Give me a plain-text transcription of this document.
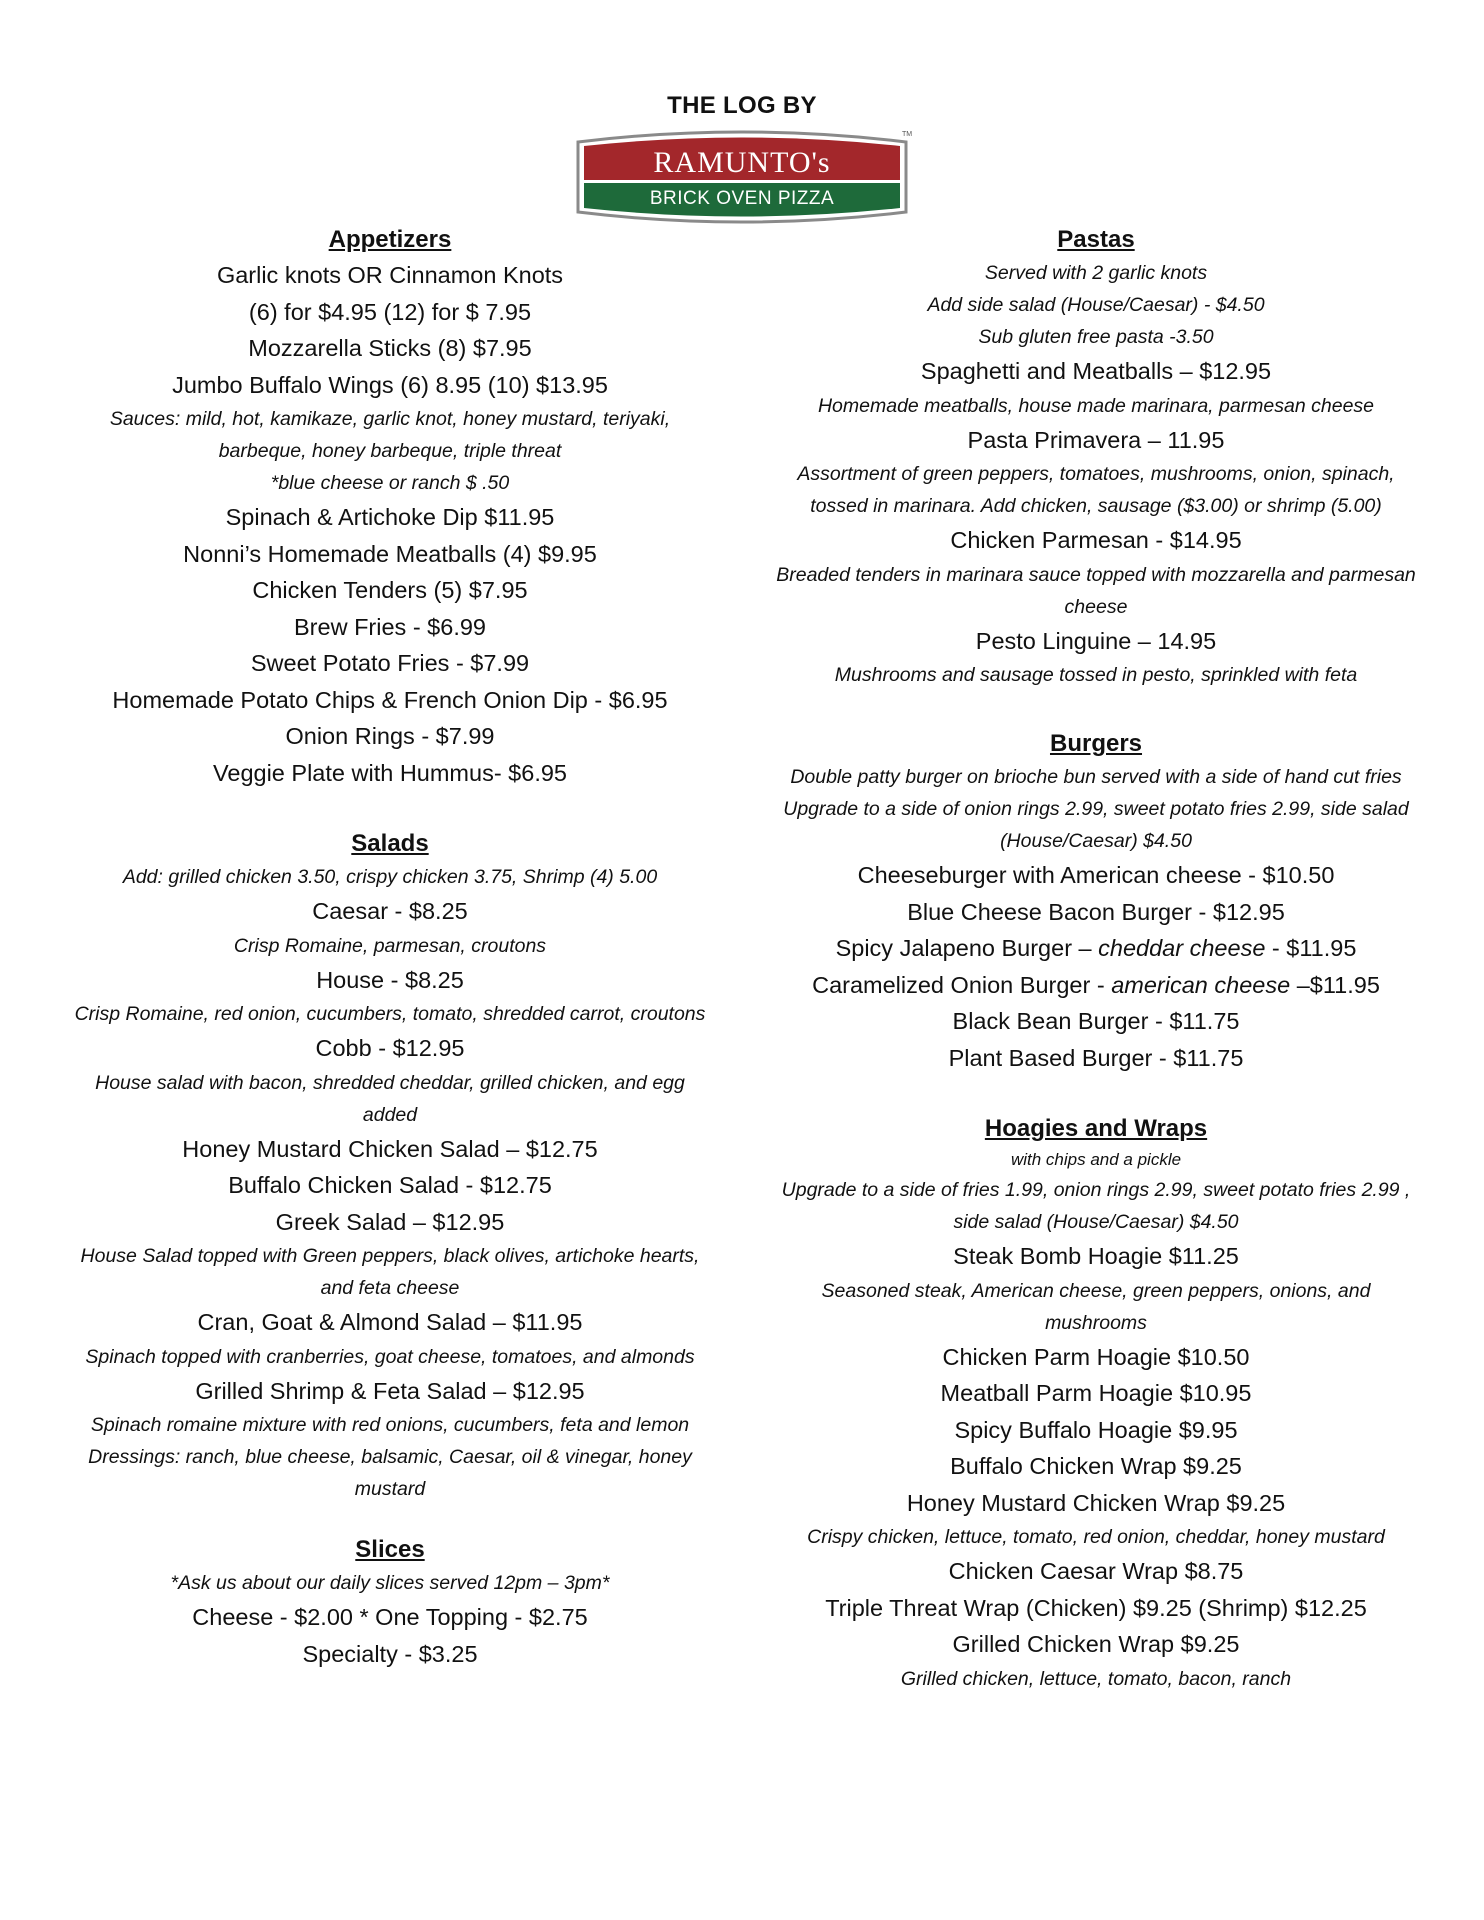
THE LOG BY
RAMUNTO's
BRICK OVEN PIZZA
TM
Appetizers
Garlic knots OR Cinnamon Knots
(6) for $4.95 (12) for $ 7.95
Mozzarella Sticks (8) $7.95
Jumbo Buffalo Wings (6) 8.95 (10) $13.95
Sauces: mild, hot, kamikaze, garlic knot, honey mustard, teriyaki, barbeque, honey barbeque, triple threat
*blue cheese or ranch $ .50
Spinach & Artichoke Dip $11.95
Nonni’s Homemade Meatballs (4) $9.95
Chicken Tenders (5) $7.95
Brew Fries - $6.99
Sweet Potato Fries - $7.99
Homemade Potato Chips & French Onion Dip - $6.95
Onion Rings - $7.99
Veggie Plate with Hummus- $6.95
Salads
Add: grilled chicken 3.50, crispy chicken 3.75, Shrimp (4) 5.00
Caesar - $8.25
Crisp Romaine, parmesan, croutons
House - $8.25
Crisp Romaine, red onion, cucumbers, tomato, shredded carrot, croutons
Cobb - $12.95
House salad with bacon, shredded cheddar, grilled chicken, and egg added
Honey Mustard Chicken Salad – $12.75
Buffalo Chicken Salad - $12.75
Greek Salad – $12.95
House Salad topped with Green peppers, black olives, artichoke hearts, and feta cheese
Cran, Goat & Almond Salad – $11.95
Spinach topped with cranberries, goat cheese, tomatoes, and almonds
Grilled Shrimp & Feta Salad – $12.95
Spinach romaine mixture with red onions, cucumbers, feta and lemon
Dressings: ranch, blue cheese, balsamic, Caesar, oil & vinegar, honey mustard
Slices
*Ask us about our daily slices served 12pm – 3pm*
Cheese - $2.00 * One Topping - $2.75
Specialty - $3.25
Pastas
Served with 2 garlic knots
Add side salad (House/Caesar) - $4.50
Sub gluten free pasta -3.50
Spaghetti and Meatballs – $12.95
Homemade meatballs, house made marinara, parmesan cheese
Pasta Primavera – 11.95
Assortment of green peppers, tomatoes, mushrooms, onion, spinach, tossed in marinara. Add chicken, sausage ($3.00) or shrimp (5.00)
Chicken Parmesan - $14.95
Breaded tenders in marinara sauce topped with mozzarella and parmesan cheese
Pesto Linguine – 14.95
Mushrooms and sausage tossed in pesto, sprinkled with feta
Burgers
Double patty burger on brioche bun served with a side of hand cut fries
Upgrade to a side of onion rings 2.99, sweet potato fries 2.99, side salad (House/Caesar) $4.50
Cheeseburger with American cheese - $10.50
Blue Cheese Bacon Burger - $12.95
Spicy Jalapeno Burger – cheddar cheese - $11.95
Caramelized Onion Burger - american cheese –$11.95
Black Bean Burger - $11.75
Plant Based Burger - $11.75
Hoagies and Wraps
with chips and a pickle
Upgrade to a side of fries 1.99, onion rings 2.99, sweet potato fries 2.99 , side salad (House/Caesar) $4.50
Steak Bomb Hoagie $11.25
Seasoned steak, American cheese, green peppers, onions, and mushrooms
Chicken Parm Hoagie $10.50
Meatball Parm Hoagie $10.95
Spicy Buffalo Hoagie $9.95
Buffalo Chicken Wrap $9.25
Honey Mustard Chicken Wrap $9.25
Crispy chicken, lettuce, tomato, red onion, cheddar, honey mustard
Chicken Caesar Wrap $8.75
Triple Threat Wrap (Chicken) $9.25 (Shrimp) $12.25
Grilled Chicken Wrap $9.25
Grilled chicken, lettuce, tomato, bacon, ranch
